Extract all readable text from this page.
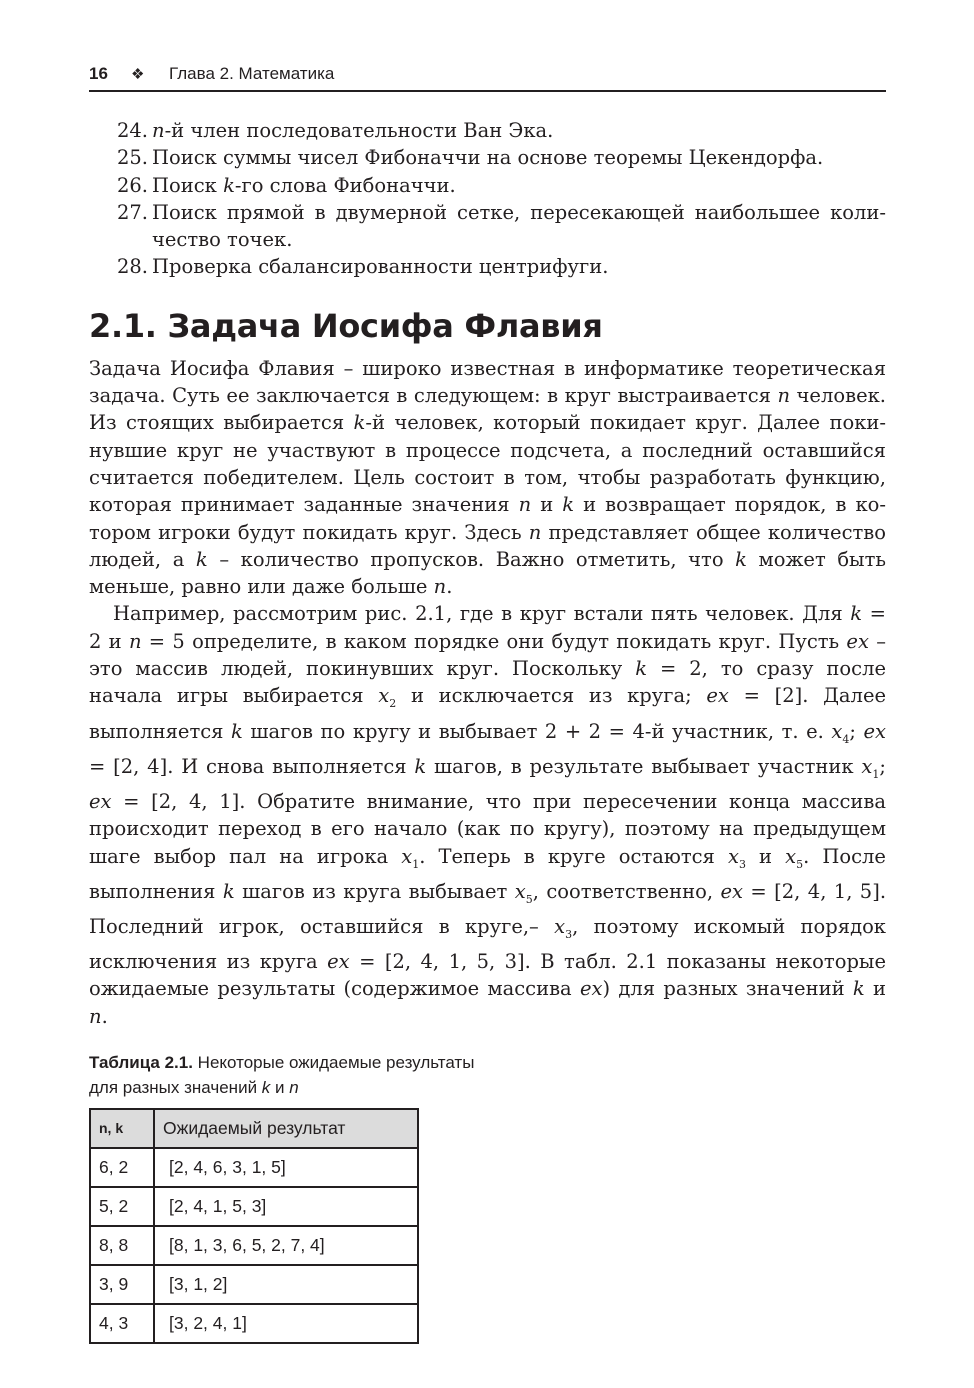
16	❖	Глава 2. Математика
24. n-й член последовательности Ван Экa.
25. Поиск суммы чисел Фибоначчи на основе теоремы Цекендорфа.
26. Поиск k-го слова Фибоначчи.
27. Поиск прямой в двумерной сетке, пересекающей наибольшее количество точек.
28. Проверка сбалансированности центрифуги.
2.1. Задача Иосифа Флавия

Задача Иосифа Флавия – широко известная в информатике теоретическая задача. Суть ее заключается в следующем: в круг выстраивается n человек. Из стоящих выбирается k-й человек, который покидает круг. Далее покинувшие круг не участвуют в процессе подсчета, а последний оставшийся считается победителем. Цель состоит в том, чтобы разработать функцию, которая принимает заданные значения n и k и возвращает порядок, в котором игроки будут покидать круг. Здесь n представляет общее количество людей, а k – количество пропусков. Важно отметить, что k может быть меньше, равно или даже больше n.

Например, рассмотрим рис. 2.1, где в круг встали пять человек. Для k = 2 и n = 5 определите, в каком порядке они будут покидать круг. Пусть ex – это массив людей, покинувших круг. Поскольку k = 2, то сразу после начала игры выбирается $x_2$ и исключается из круга; ex = [2]. Далее выполняется k шагов по кругу и выбывает 2 + 2 = 4-й участник, т. е. $x_4$; ex = [2, 4]. И снова выполняется k шагов, в результате выбывает участник $x_1$; ex = [2, 4, 1]. Обратите внимание, что при пересечении конца массива происходит переход в его начало (как по кругу), поэтому на предыдущем шаге выбор пал на игрока $x_1$. Теперь в круге остаются $x_3$ и $x_5$. После выполнения k шагов из круга выбывает $x_5$, соответственно, ex = [2, 4, 1, 5]. Последний игрок, оставшийся в круге,– $x_3$, поэтому искомый порядок исключения из круга ex = [2, 4, 1, 5, 3]. В табл. 2.1 показаны некоторые ожидаемые результаты (содержимое массива ex) для разных значений k и n.

Таблица 2.1. Некоторые ожидаемые результаты
для разных значений k и n
n, k	Ожидаемый результат
6, 2	[2, 4, 6, 3, 1, 5]
5, 2	[2, 4, 1, 5, 3]
8, 8	[8, 1, 3, 6, 5, 2, 7, 4]
3, 9	[3, 1, 2]
4, 3	[3, 2, 4, 1]
